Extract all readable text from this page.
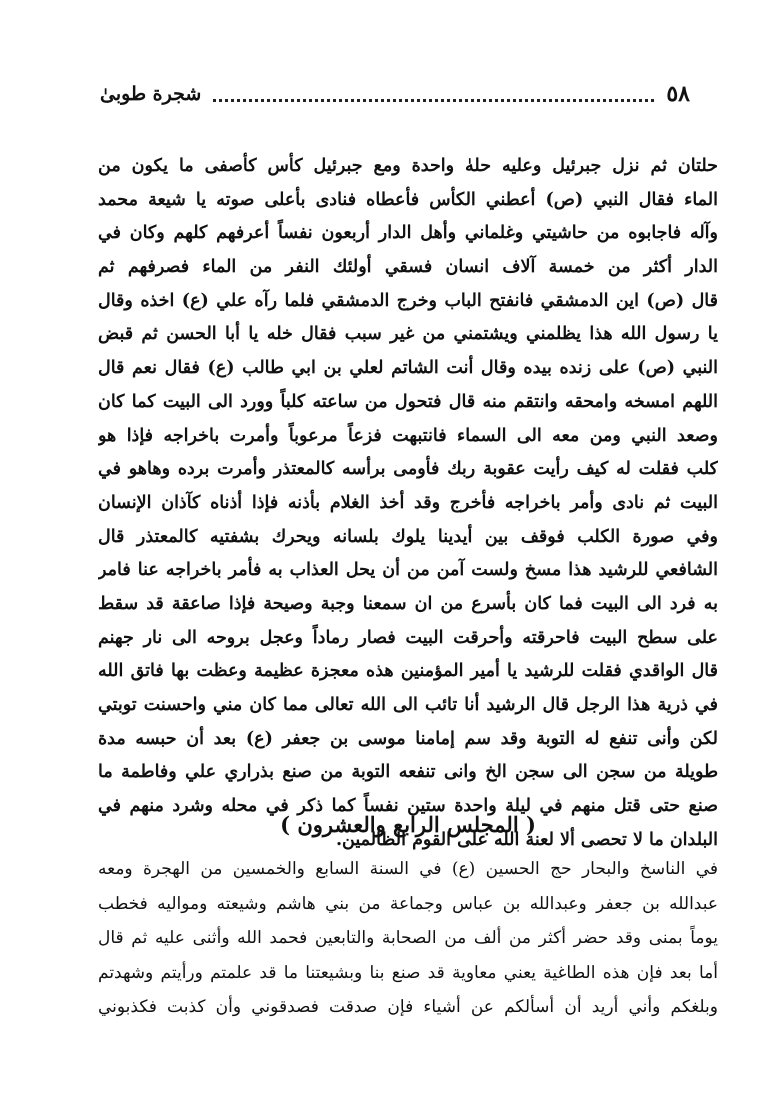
شجرة طوبىٰ	٥٨
حلتان ثم نزل جبرئيل وعليه حلهٰ واحدة ومع جبرئيل كأس كأصفى ما يكون من
الماء فقال النبي (ص) أعطني الكأس فأعطاه فنادى بأعلى صوته يا شيعة محمد
وآله فاجابوه من حاشيتي وغلماني وأهل الدار أربعون نفساً أعرفهم كلهم وكان في
الدار أكثر من خمسة آلاف انسان فسقي أولئك النفر من الماء فصرفهم ثم
قال (ص) اين الدمشقي فانفتح الباب وخرج الدمشقي فلما رآه علي (ع) اخذه وقال
يا رسول الله هذا يظلمني ويشتمني من غير سبب فقال خله يا أبا الحسن ثم قبض
النبي (ص) على زنده بيده وقال أنت الشاتم لعلي بن ابي طالب (ع) فقال نعم قال
اللهم امسخه وامحقه وانتقم منه قال فتحول من ساعته كلباً وورد الى البيت كما كان
وصعد النبي ومن معه الى السماء فانتبهت فزعاً مرعوباً وأمرت باخراجه فإذا هو
كلب فقلت له كيف رأيت عقوبة ربك فأومى برأسه كالمعتذر وأمرت برده وهاهو في
البيت ثم نادى وأمر باخراجه فأخرج وقد أخذ الغلام بأذنه فإذا أذناه كآذان الإنسان
وفي صورة الكلب فوقف بين أيدينا يلوك بلسانه ويحرك بشفتيه كالمعتذر قال
الشافعي للرشيد هذا مسخ ولست آمن من أن يحل العذاب به فأمر باخراجه عنا فامر
به فرد الى البيت فما كان بأسرع من ان سمعنا وجبة وصيحة فإذا صاعقة قد سقط
على سطح البيت فاحرقته وأحرقت البيت فصار رماداً وعجل بروحه الى نار جهنم
قال الواقدي فقلت للرشيد يا أمير المؤمنين هذه معجزة عظيمة وعظت بها فاتق الله
في ذرية هذا الرجل قال الرشيد أنا تائب الى الله تعالى مما كان مني واحسنت توبتي
لكن وأنى تنفع له التوبة وقد سم إمامنا موسى بن جعفر (ع) بعد أن حبسه مدة
طويلة من سجن الى سجن الخ وانى تنفعه التوبة من صنع بذراري علي وفاطمة ما
صنع حتى قتل منهم في ليلة واحدة ستين نفساً كما ذكر في محله وشرد منهم في
البلدان ما لا تحصى ألا لعنة الله على القوم الظالمين.
( المجلس الرابع والعشرون )
في الناسخ والبحار حج الحسين (ع) في السنة السابع والخمسين من الهجرة ومعه
عبدالله بن جعفر وعبدالله بن عباس وجماعة من بني هاشم وشيعته ومواليه فخطب
يوماً بمنى وقد حضر أكثر من ألف من الصحابة والتابعين فحمد الله وأثنى عليه ثم قال
أما بعد فإن هذه الطاغية يعني معاوية قد صنع بنا وبشيعتنا ما قد علمتم ورأيتم وشهدتم
وبلغكم وأني أريد أن أسألكم عن أشياء فإن صدقت فصدقوني وأن كذبت فكذبوني
